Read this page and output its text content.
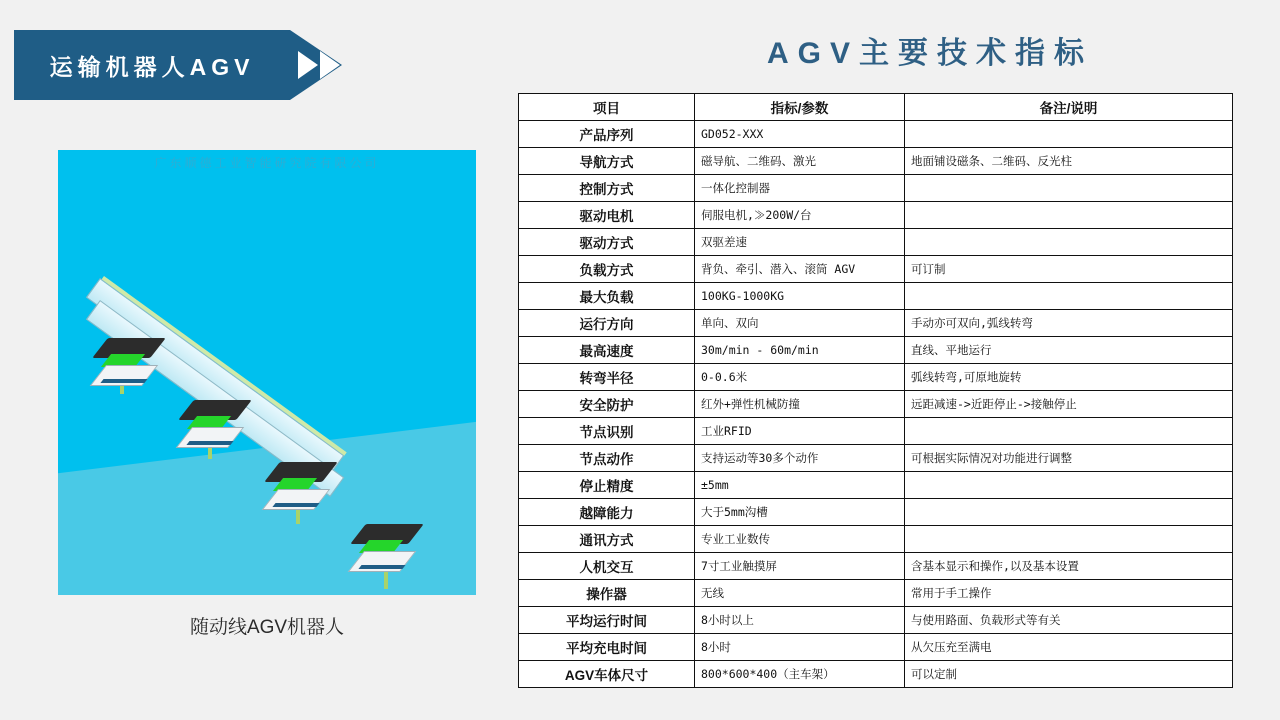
运输机器人AGV	AGV主要技术指标
广东顺德工业智能研究院有限公司
随动线AGV机器人
项目	指标/参数	备注/说明
产品序列	GD052-XXX	
导航方式	磁导航、二维码、激光	地面铺设磁条、二维码、反光柱
控制方式	一体化控制器	
驱动电机	伺服电机,≫200W/台	
驱动方式	双驱差速	
负载方式	背负、牵引、潜入、滚筒 AGV	可订制
最大负载	100KG-1000KG	
运行方向	单向、双向	手动亦可双向,弧线转弯
最高速度	30m/min - 60m/min	直线、平地运行
转弯半径	0-0.6米	弧线转弯,可原地旋转
安全防护	红外+弹性机械防撞	远距减速->近距停止->接触停止
节点识别	工业RFID	
节点动作	支持运动等30多个动作	可根据实际情况对功能进行调整
停止精度	±5mm	
越障能力	大于5mm沟槽	
通讯方式	专业工业数传	
人机交互	7寸工业触摸屏	含基本显示和操作,以及基本设置
操作器	无线	常用于手工操作
平均运行时间	8小时以上	与使用路面、负载形式等有关
平均充电时间	8小时	从欠压充至满电
AGV车体尺寸	800*600*400（主车架）	可以定制
